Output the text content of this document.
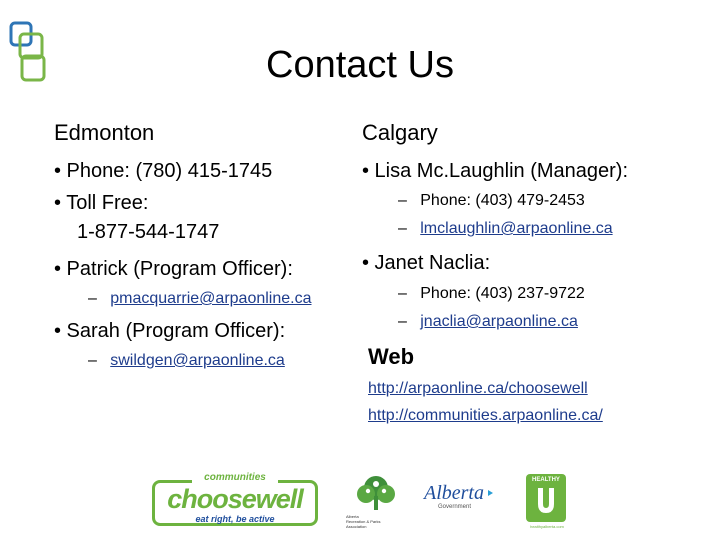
Contact Us
Edmonton
• Phone: (780) 415-1745
• Toll Free:
1-877-544-1747
• Patrick (Program Officer):
– pmacquarrie@arpaonline.ca
• Sarah (Program Officer):
– swildgen@arpaonline.ca
Calgary
• Lisa Mc.Laughlin (Manager):
– Phone: (403) 479-2453
– lmclaughlin@arpaonline.ca
• Janet Naclia:
– Phone: (403) 237-9722
– jnaclia@arpaonline.ca
Web
http://arpaonline.ca/choosewell
http://communities.arpaonline.ca/
communities
choosewell
eat right, be active	Alberta
Recreation & Parks
Association
Alberta
Government
HEALTHY
healthyalberta.com
